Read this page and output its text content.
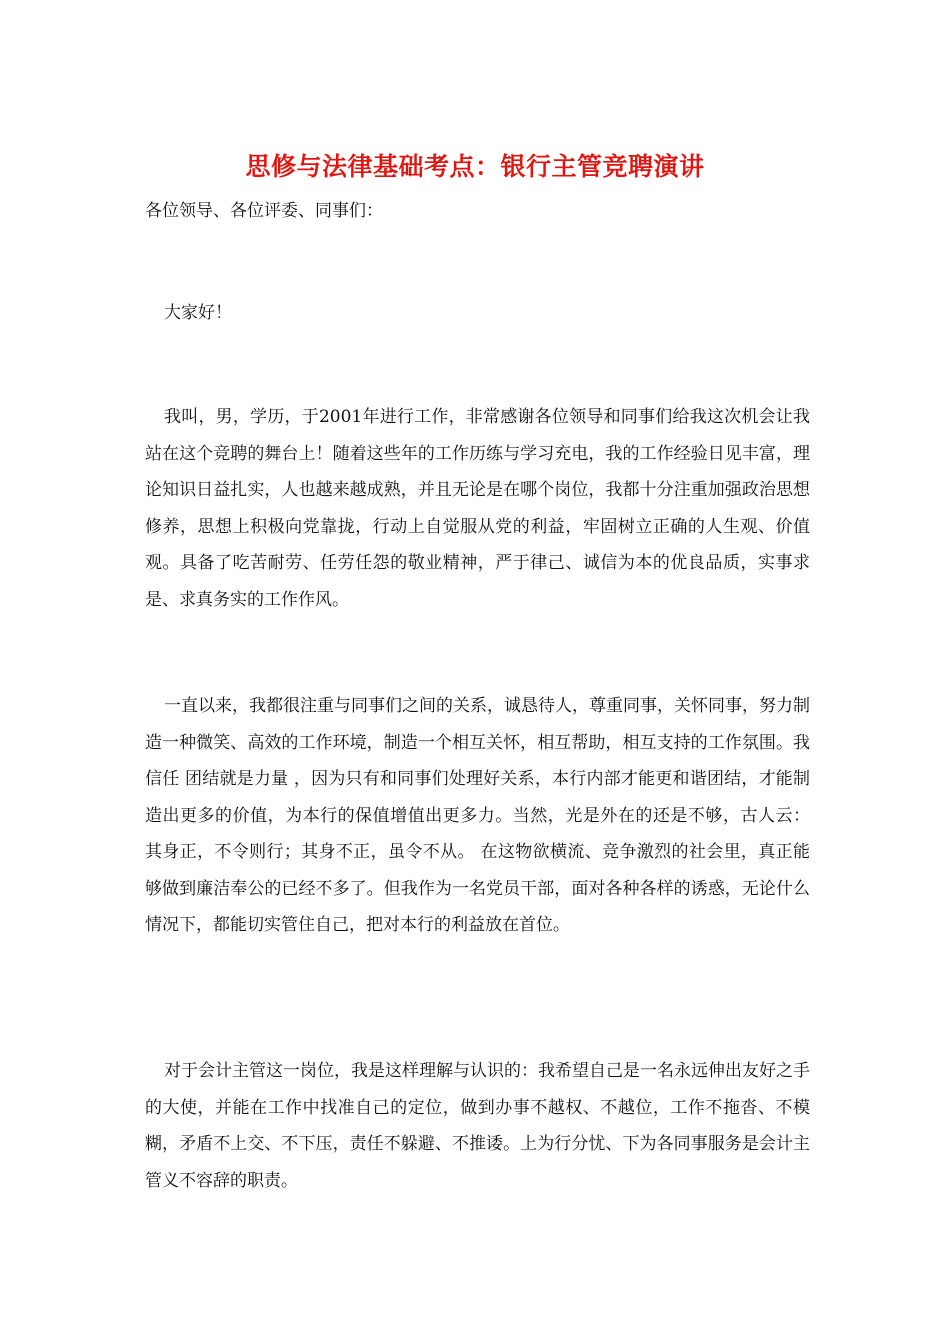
思修与法律基础考点：银行主管竞聘演讲
各位领导、各位评委、同事们：
大家好！

我叫，男，学历，于2001年进行工作，非常感谢各位领导和同事们给我这次机会让我站在这个竞聘的舞台上！随着这些年的工作历练与学习充电，我的工作经验日见丰富，理论知识日益扎实，人也越来越成熟，并且无论是在哪个岗位，我都十分注重加强政治思想修养，思想上积极向党靠拢，行动上自觉服从党的利益，牢固树立正确的人生观、价值观。具备了吃苦耐劳、任劳任怨的敬业精神，严于律己、诚信为本的优良品质，实事求是、求真务实的工作作风。

一直以来，我都很注重与同事们之间的关系，诚恳待人，尊重同事，关怀同事，努力制造一种微笑、高效的工作环境，制造一个相互关怀，相互帮助，相互支持的工作氛围。我信任 团结就是力量 ，因为只有和同事们处理好关系，本行内部才能更和谐团结，才能制造出更多的价值，为本行的保值增值出更多力。当然，光是外在的还是不够，古人云： 其身正，不令则行；其身不正，虽令不从。 在这物欲横流、竞争激烈的社会里，真正能够做到廉洁奉公的已经不多了。但我作为一名党员干部，面对各种各样的诱惑，无论什么情况下，都能切实管住自己，把对本行的利益放在首位。

对于会计主管这一岗位，我是这样理解与认识的：我希望自己是一名永远伸出友好之手的大使，并能在工作中找准自己的定位，做到办事不越权、不越位，工作不拖沓、不模糊，矛盾不上交、不下压，责任不躲避、不推诿。上为行分忧、下为各同事服务是会计主管义不容辞的职责。
